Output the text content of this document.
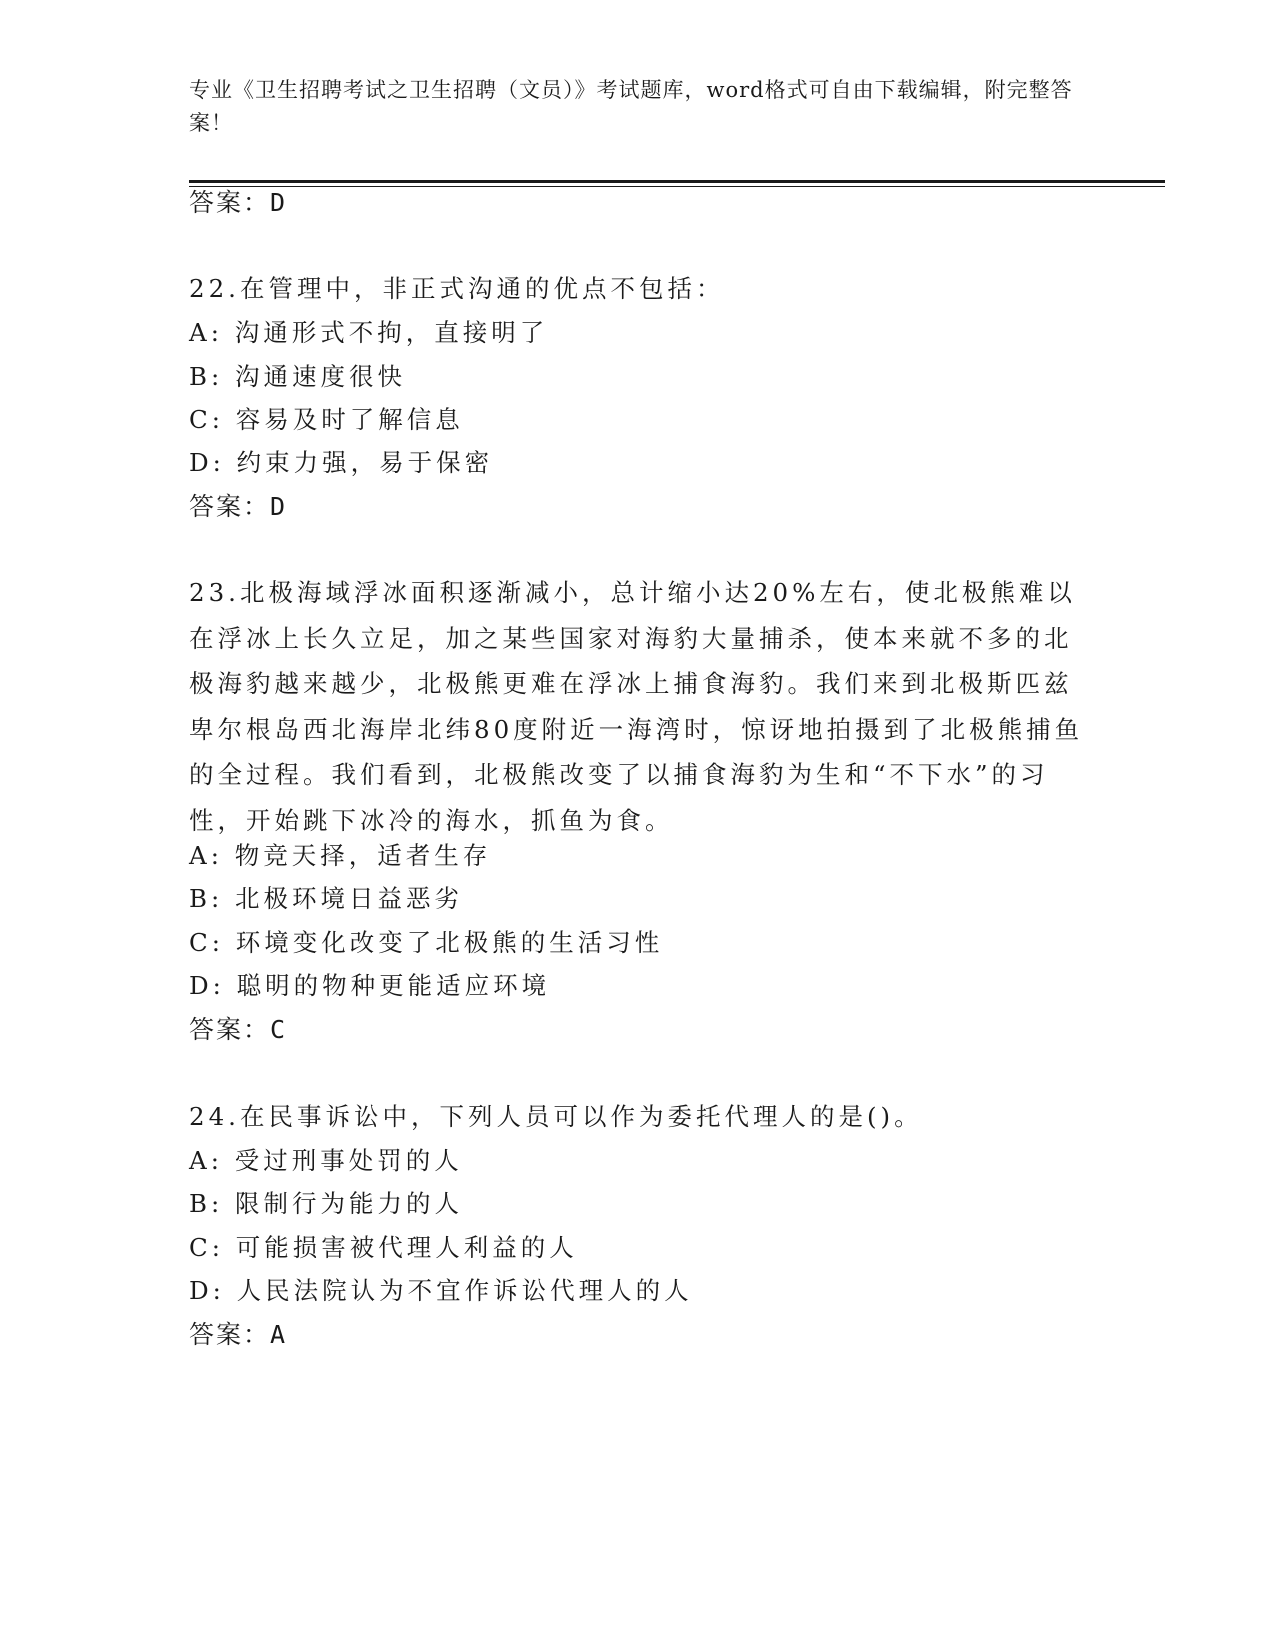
专业《卫生招聘考试之卫生招聘（文员）》考试题库，word格式可自由下载编辑，附完整答案！
答案：D
22.在管理中，非正式沟通的优点不包括：
A: 沟通形式不拘，直接明了
B: 沟通速度很快
C: 容易及时了解信息
D: 约束力强，易于保密
答案：D
23.北极海域浮冰面积逐渐减小，总计缩小达20%左右，使北极熊难以在浮冰上长久立足，加之某些国家对海豹大量捕杀，使本来就不多的北极海豹越来越少，北极熊更难在浮冰上捕食海豹。我们来到北极斯匹兹卑尔根岛西北海岸北纬80度附近一海湾时，惊讶地拍摄到了北极熊捕鱼的全过程。我们看到，北极熊改变了以捕食海豹为生和“不下水”的习性，开始跳下冰冷的海水，抓鱼为食。
A: 物竞天择，适者生存
B: 北极环境日益恶劣
C: 环境变化改变了北极熊的生活习性
D: 聪明的物种更能适应环境
答案：C
24.在民事诉讼中，下列人员可以作为委托代理人的是()。
A: 受过刑事处罚的人
B: 限制行为能力的人
C: 可能损害被代理人利益的人
D: 人民法院认为不宜作诉讼代理人的人
答案：A
